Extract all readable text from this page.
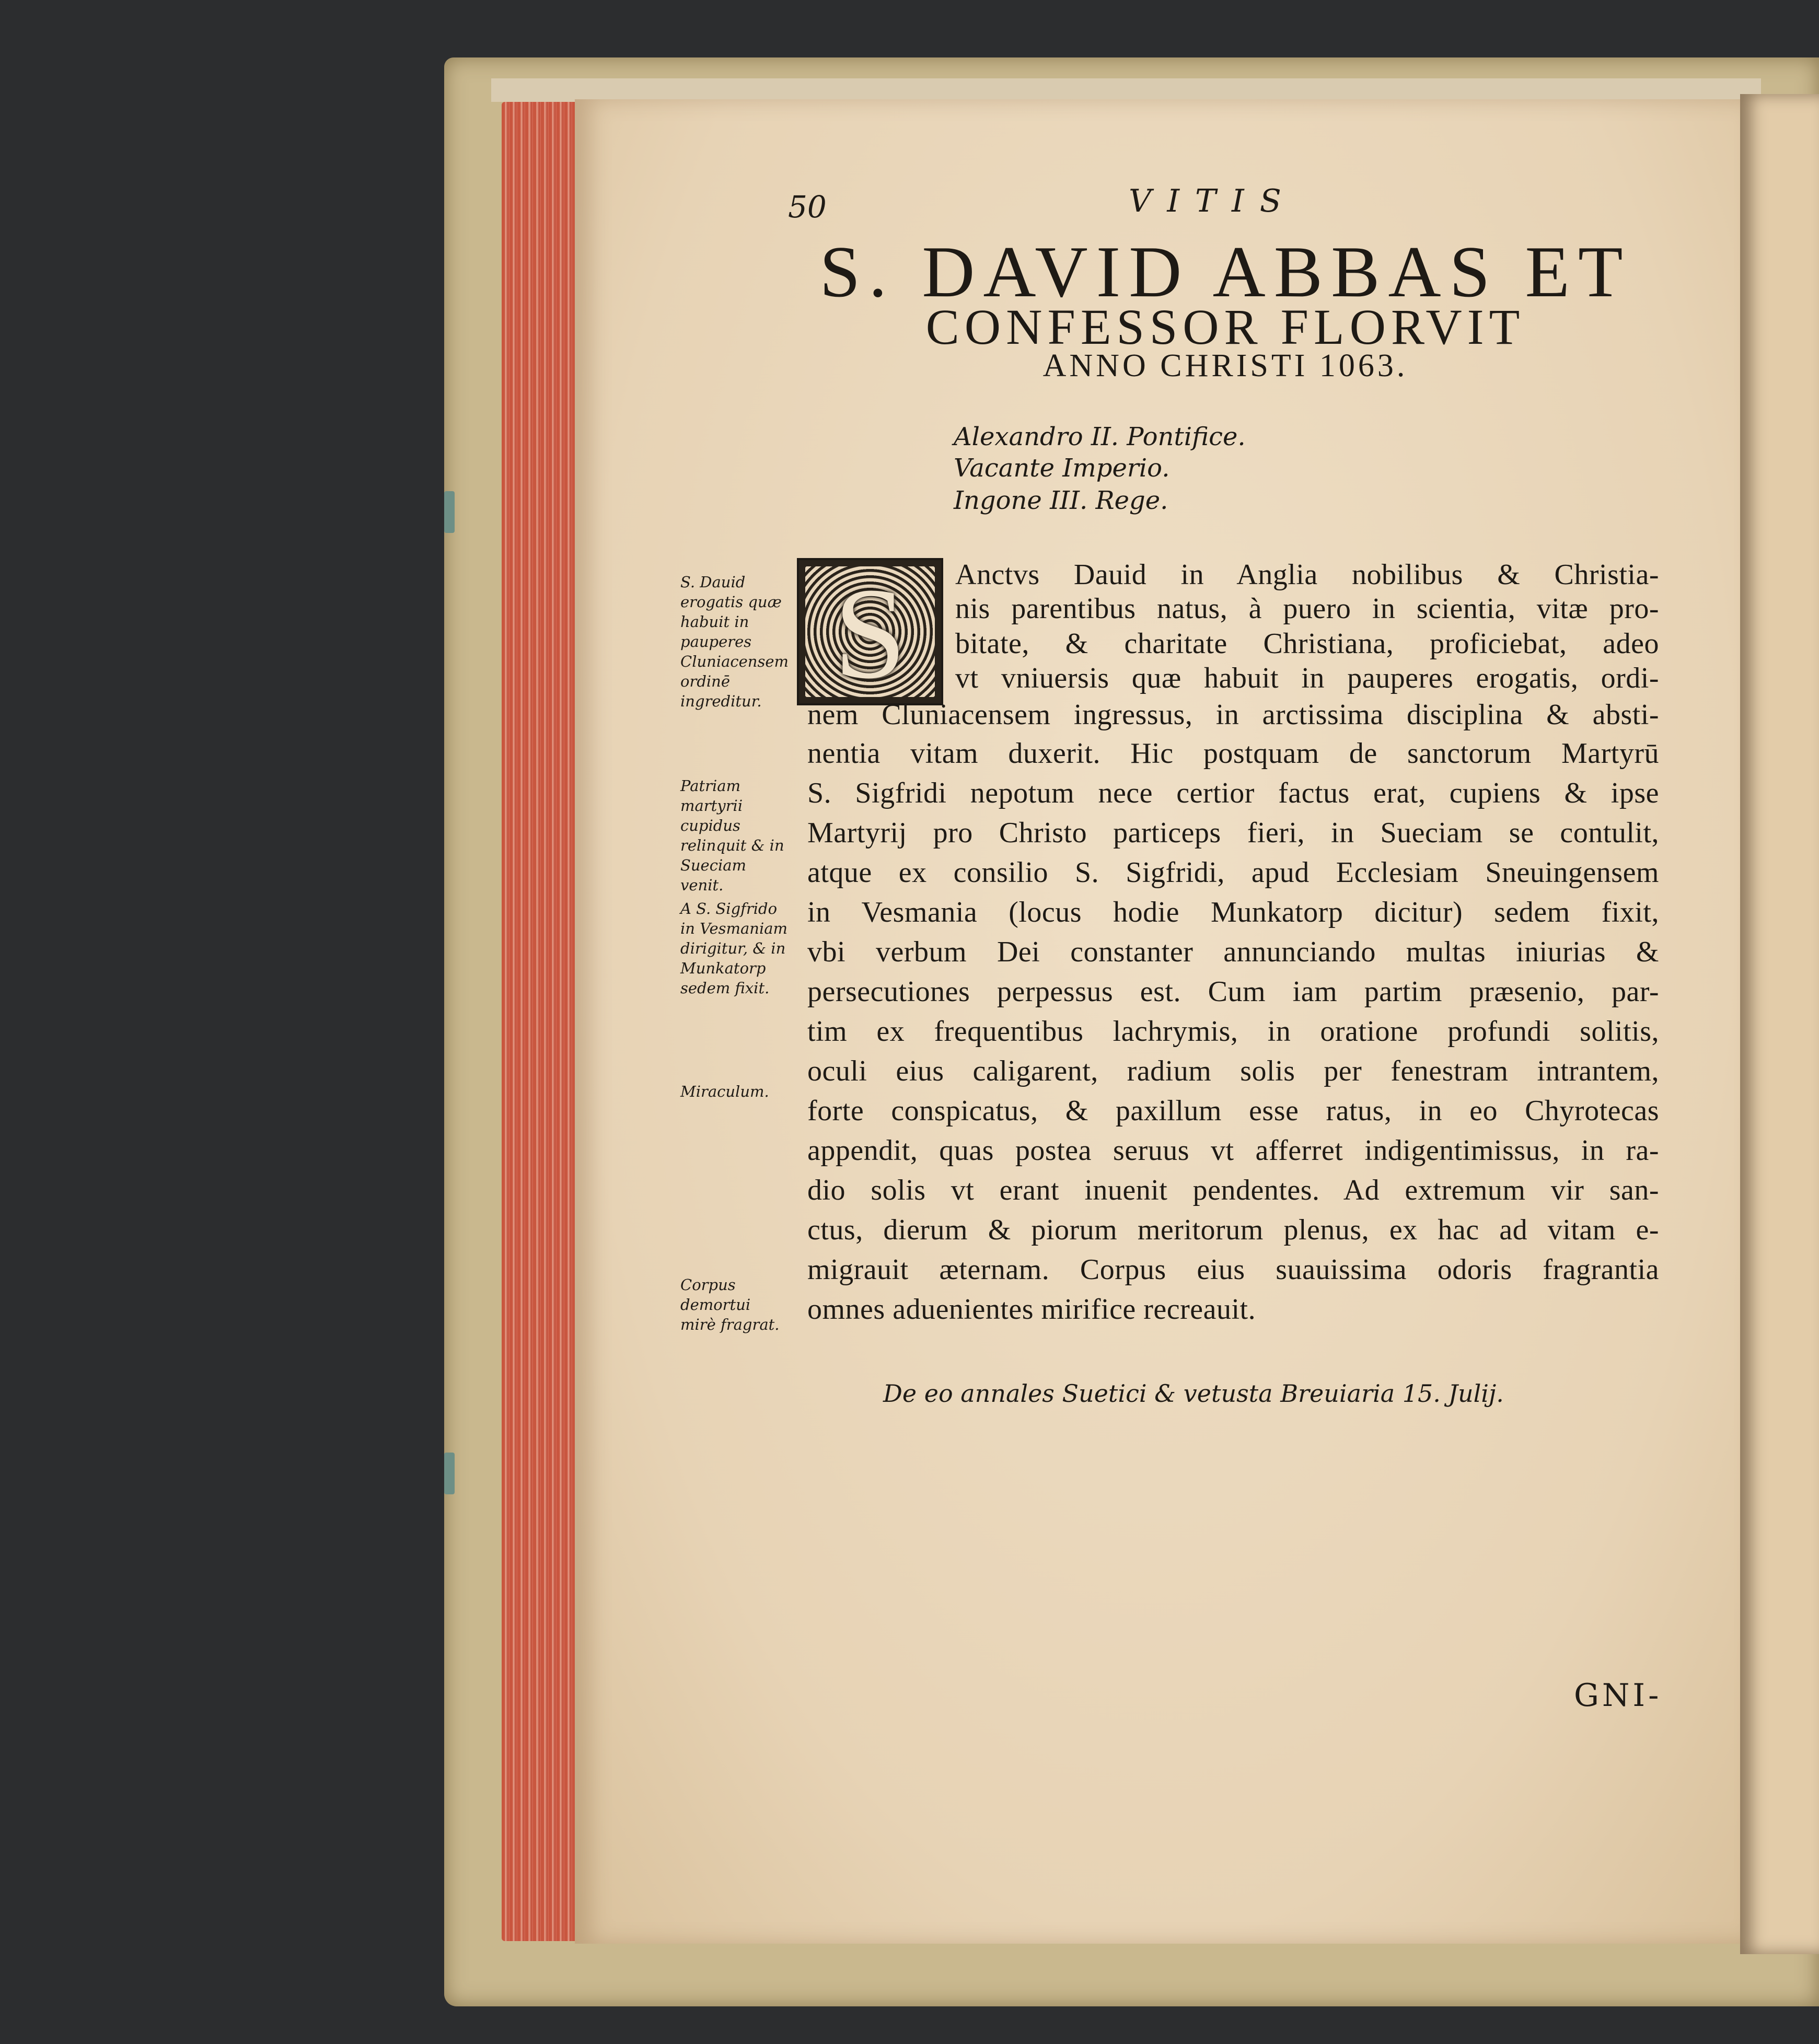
50	VITIS
S. DAVID ABBAS ET
CONFESSOR FLORVIT
ANNO CHRISTI 1063.
Alexandro II. Pontifice.
Vacante Imperio.
Ingone III. Rege.
S	Anctvs Dauid in Anglia nobilibus & Christia-
nis parentibus natus, à puero in scientia, vitæ pro-
bitate, & charitate Christiana, proficiebat, adeo
vt vniuersis quæ habuit in pauperes erogatis, ordi-
nem Cluniacensem ingressus, in arctissima disciplina & absti-
nentia vitam duxerit. Hic postquam de sanctorum Martyrū
S. Sigfridi nepotum nece certior factus erat, cupiens & ipse
Martyrij pro Christo particeps fieri, in Sueciam se contulit,
atque ex consilio S. Sigfridi, apud Ecclesiam Sneuingensem
in Vesmania (locus hodie Munkatorp dicitur) sedem fixit,
vbi verbum Dei constanter annunciando multas iniurias &
persecutiones perpessus est. Cum iam partim præsenio, par-
tim ex frequentibus lachrymis, in oratione profundi solitis,
oculi eius caligarent, radium solis per fenestram intrantem,
forte conspicatus, & paxillum esse ratus, in eo Chyrotecas
appendit, quas postea seruus vt afferret indigentimissus, in ra-
dio solis vt erant inuenit pendentes. Ad extremum vir san-
ctus, dierum & piorum meritorum plenus, ex hac ad vitam e-
migrauit æternam. Corpus eius suauissima odoris fragrantia
omnes aduenientes mirifice recreauit.
S. Dauid erogatis quæ habuit in pauperes Cluniacensem ordinē ingreditur.
Patriam martyrii cupidus relinquit & in Sueciam venit.
A S. Sigfrido in Vesmaniam dirigitur, & in Munkatorp sedem fixit.
Miraculum.
Corpus demortui mirè fragrat.
De eo annales Suetici & vetusta Breuiaria 15. Julij.
GNI-
